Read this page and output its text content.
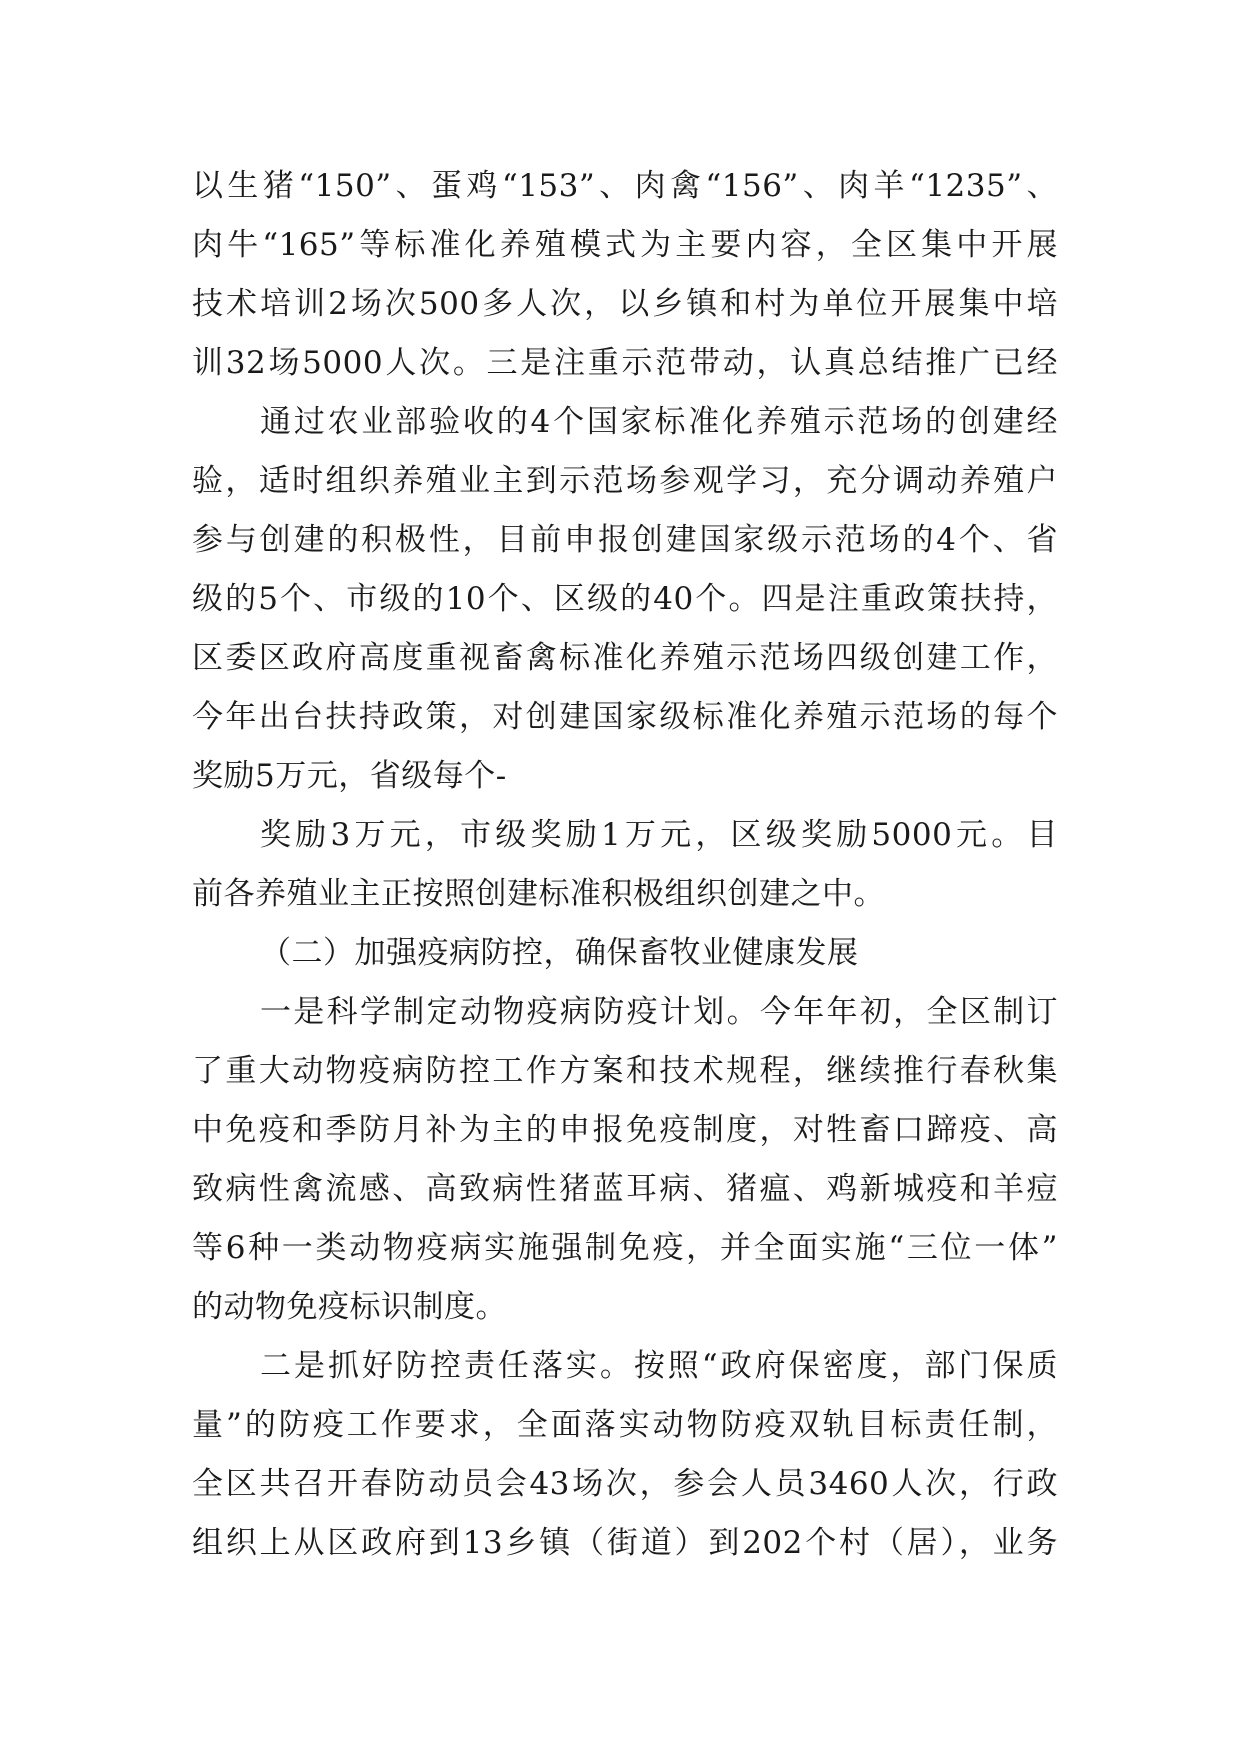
以生猪“150”、蛋鸡“153”、肉禽“156”、肉羊“1235”、
肉牛“165”等标准化养殖模式为主要内容，全区集中开展
技术培训2场次500多人次，以乡镇和村为单位开展集中培
训32场5000人次。三是注重示范带动，认真总结推广已经
通过农业部验收的4个国家标准化养殖示范场的创建经
验，适时组织养殖业主到示范场参观学习，充分调动养殖户
参与创建的积极性，目前申报创建国家级示范场的4个、省
级的5个、市级的10个、区级的40个。四是注重政策扶持，
区委区政府高度重视畜禽标准化养殖示范场四级创建工作，
今年出台扶持政策，对创建国家级标准化养殖示范场的每个
奖励5万元，省级每个-
奖励3万元，市级奖励1万元，区级奖励5000元。目
前各养殖业主正按照创建标准积极组织创建之中。
（二）加强疫病防控，确保畜牧业健康发展
一是科学制定动物疫病防疫计划。今年年初，全区制订
了重大动物疫病防控工作方案和技术规程，继续推行春秋集
中免疫和季防月补为主的申报免疫制度，对牲畜口蹄疫、高
致病性禽流感、高致病性猪蓝耳病、猪瘟、鸡新城疫和羊痘
等6种一类动物疫病实施强制免疫，并全面实施“三位一体”
的动物免疫标识制度。
二是抓好防控责任落实。按照“政府保密度，部门保质
量”的防疫工作要求，全面落实动物防疫双轨目标责任制，
全区共召开春防动员会43场次，参会人员3460人次，行政
组织上从区政府到13乡镇（街道）到202个村（居），业务
